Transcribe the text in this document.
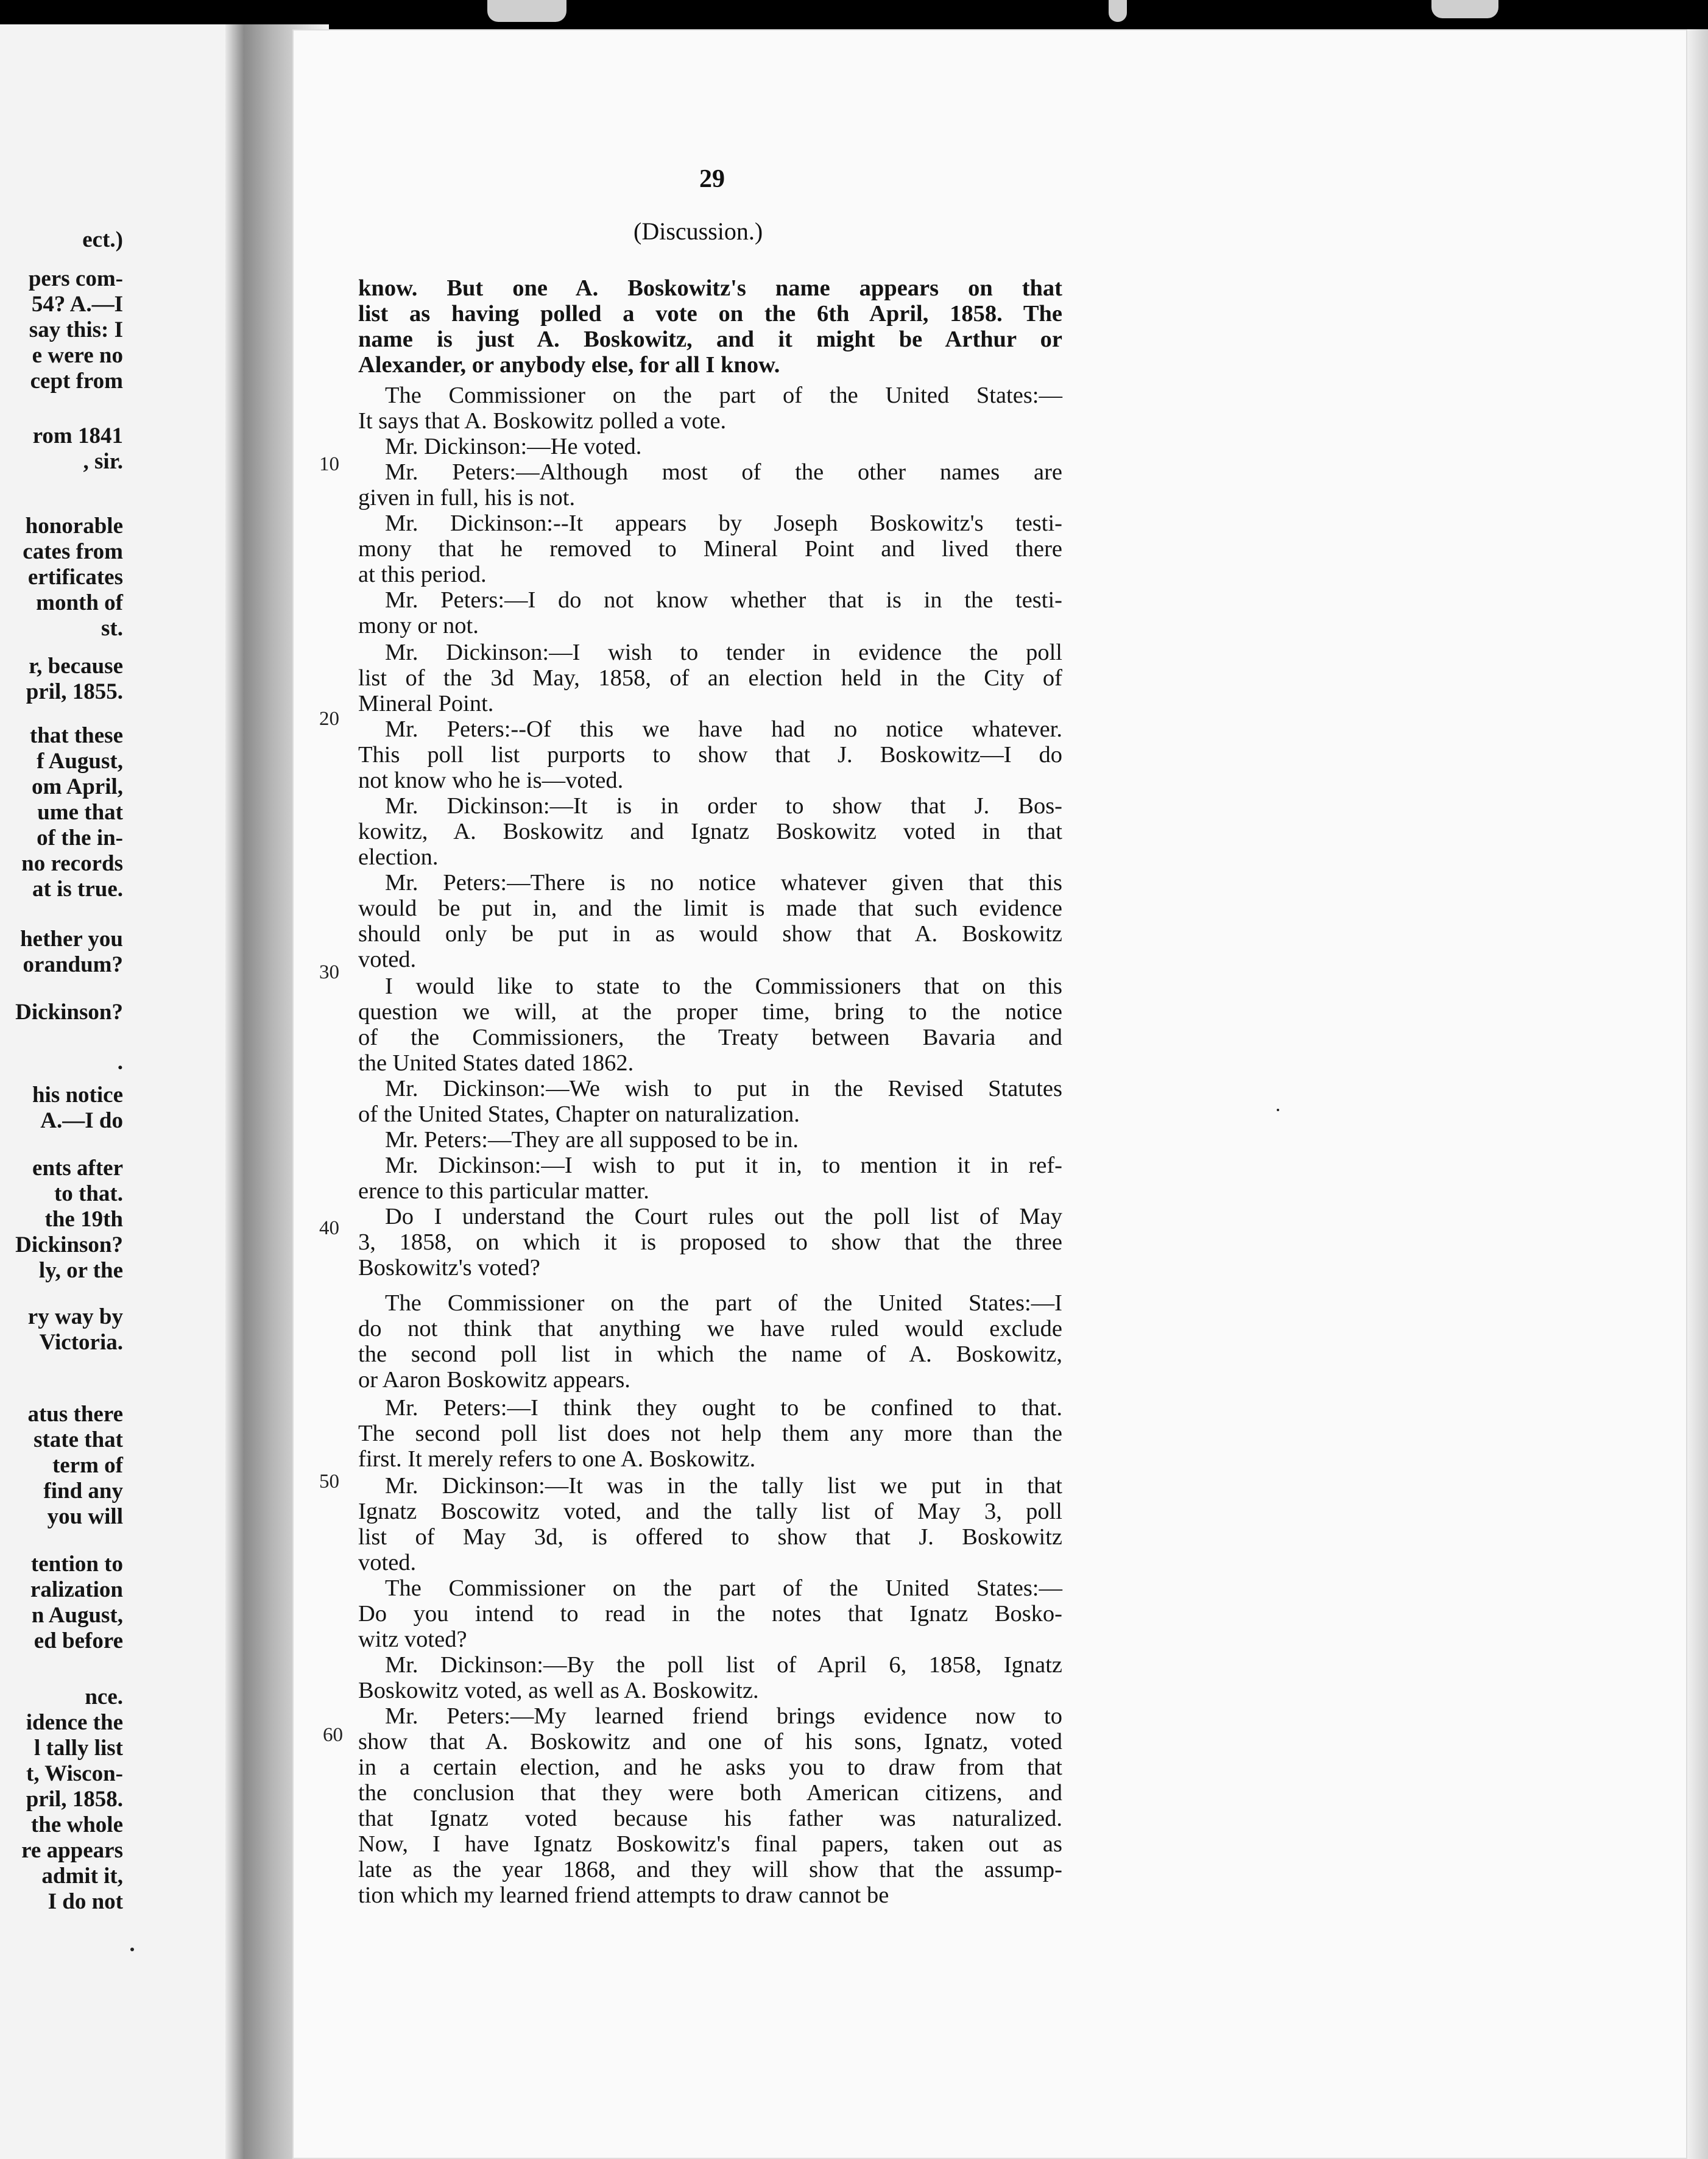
ect.)
pers com-
54? A.—I
say this: I
e were no
cept from
rom 1841
, sir.
honorable
cates from
ertificates
month of
st.
r, because
pril, 1855.
that these
f August,
om April,
ume that
of the in-
no records
at is true.
hether you
orandum?
Dickinson?
.
his notice
A.—I do
ents after
to that.
the 19th
Dickinson?
ly, or the
ry way by
Victoria.
atus there
state that
term of
find any
you will
tention to
ralization
n August,
ed before
nce.
idence the
l tally list
t, Wiscon-
pril, 1858.
the whole
re appears
admit it,
I do not
29
(Discussion.)
know. But one A. Boskowitz's name appears on that
list as having polled a vote on the 6th April, 1858. The
name is just A. Boskowitz, and it might be Arthur or
Alexander, or anybody else, for all I know.
The Commissioner on the part of the United States:—
It says that A. Boskowitz polled a vote.
Mr. Dickinson:—He voted.
Mr. Peters:—Although most of the other names are
given in full, his is not.
Mr. Dickinson:--It appears by Joseph Boskowitz's testi-
mony that he removed to Mineral Point and lived there
at this period.
Mr. Peters:—I do not know whether that is in the testi-
mony or not.
Mr. Dickinson:—I wish to tender in evidence the poll
list of the 3d May, 1858, of an election held in the City of
Mineral Point.
Mr. Peters:--Of this we have had no notice whatever.
This poll list purports to show that J. Boskowitz—I do
not know who he is—voted.
Mr. Dickinson:—It is in order to show that J. Bos-
kowitz, A. Boskowitz and Ignatz Boskowitz voted in that
election.
Mr. Peters:—There is no notice whatever given that this
would be put in, and the limit is made that such evidence
should only be put in as would show that A. Boskowitz
voted.
I would like to state to the Commissioners that on this
question we will, at the proper time, bring to the notice
of the Commissioners, the Treaty between Bavaria and
the United States dated 1862.
Mr. Dickinson:—We wish to put in the Revised Statutes
of the United States, Chapter on naturalization.
Mr. Peters:—They are all supposed to be in.
Mr. Dickinson:—I wish to put it in, to mention it in ref-
erence to this particular matter.
Do I understand the Court rules out the poll list of May
3, 1858, on which it is proposed to show that the three
Boskowitz's voted?
The Commissioner on the part of the United States:—I
do not think that anything we have ruled would exclude
the second poll list in which the name of A. Boskowitz,
or Aaron Boskowitz appears.
Mr. Peters:—I think they ought to be confined to that.
The second poll list does not help them any more than the
first. It merely refers to one A. Boskowitz.
Mr. Dickinson:—It was in the tally list we put in that
Ignatz Boscowitz voted, and the tally list of May 3, poll
list of May 3d, is offered to show that J. Boskowitz
voted.
The Commissioner on the part of the United States:—
Do you intend to read in the notes that Ignatz Bosko-
witz voted?
Mr. Dickinson:—By the poll list of April 6, 1858, Ignatz
Boskowitz voted, as well as A. Boskowitz.
Mr. Peters:—My learned friend brings evidence now to
show that A. Boskowitz and one of his sons, Ignatz, voted
in a certain election, and he asks you to draw from that
the conclusion that they were both American citizens, and
that Ignatz voted because his father was naturalized.
Now, I have Ignatz Boskowitz's final papers, taken out as
late as the year 1868, and they will show that the assump-
tion which my learned friend attempts to draw cannot be
10
20
30
40
50
60
